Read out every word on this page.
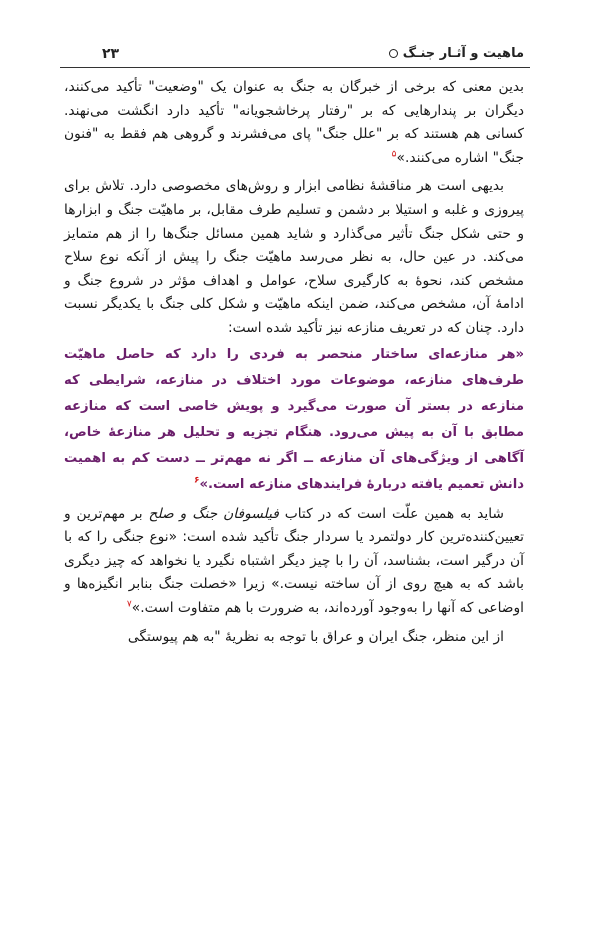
ماهیت و آثـار جنـگ
۲۳

بدین معنی که برخی از خبرگان به جنگ به عنوان یک "وضعیت" تأکید می‌کنند، دیگران بر پندارهایی که بر "رفتار پرخاشجویانه" تأکید دارد انگشت می‌نهند. کسانی هم هستند که بر "علل جنگ" پای می‌فشرند و گروهی هم فقط به "فنون جنگ" اشاره می‌کنند.»$^۵$

بدیهی است هر مناقشهٔ نظامی ابزار و روش‌های مخصوصی دارد. تلاش برای پیروزی و غلبه و استیلا بر دشمن و تسلیم طرف مقابل، بر ماهیّت جنگ و ابزارها و حتی شکل جنگ تأثیر می‌گذارد و شاید همین مسائل جنگ‌ها را از هم متمایز می‌کند. در عین حال، به نظر می‌رسد ماهیّت جنگ را پیش از آنکه نوع سلاح مشخص کند، نحوهٔ به کارگیری سلاح، عوامل و اهداف مؤثر در شروع جنگ و ادامهٔ آن، مشخص می‌کند، ضمن اینکه ماهیّت و شکل کلی جنگ با یکدیگر نسبت دارد. چنان که در تعریف منازعه نیز تأکید شده است:

«هر منازعه‌ای ساختار منحصر به فردی را دارد که حاصل ماهیّت طرف‌های منازعه، موضوعات مورد اختلاف در منازعه، شرایطی که منازعه در بستر آن صورت می‌گیرد و پویش خاصی است که منازعه مطابق با آن به پیش می‌رود. هنگام تجزیه و تحلیل هر منازعهٔ خاص، آگاهی از ویژگی‌های آن منازعه ــ اگر نه مهم‌تر ــ دست کم به اهمیت دانش تعمیم یافته دربارهٔ فرایندهای منازعه است.»$^۶$

شاید به همین علّت است که در کتاب فیلسوفان جنگ و صلح بر مهم‌ترین و تعیین‌کننده‌ترین کار دولتمرد یا سردار جنگ تأکید شده است: «نوع جنگی را که با آن درگیر است، بشناسد، آن را با چیز دیگر اشتباه نگیرد یا نخواهد که چیز دیگری باشد که به هیچ روی از آن ساخته نیست.» زیرا «خصلت جنگ بنابر انگیزه‌ها و اوضاعی که آنها را به‌وجود آورده‌اند، به ضرورت با هم متفاوت است.»$^۷$

از این منظر، جنگ ایران و عراق با توجه به نظریهٔ "به هم پیوستگی
